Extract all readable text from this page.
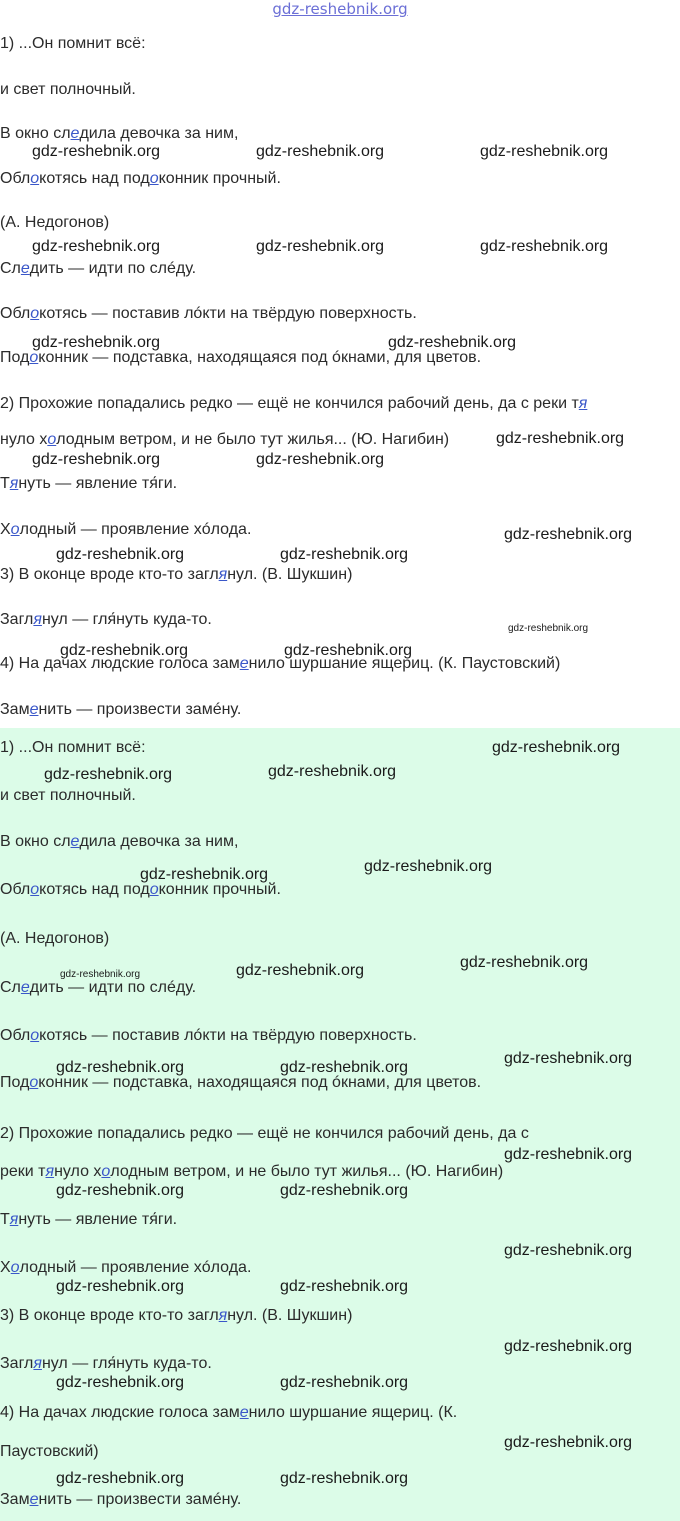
gdz-reshebnik.org
1) ...Он помнит всё:
и свет полночный.
В окно следила девочка за ним,
Облокотясь над подоконник прочный.
(А. Недогонов)
Следить — идти по слéду.
Облокотясь — поставив лóкти на твёрдую поверхность.
Подоконник — подставка, находящаяся под óкнами, для цветов.
2) Прохожие попадались редко — ещё не кончился рабочий день, да с реки тя
нуло холодным ветром, и не было тут жилья... (Ю. Нагибин)
Тянуть — явление тя́ги.
Холодный — проявление хóлода.
3) В оконце вроде кто-то заглянул. (В. Шукшин)
Заглянул — гля́нуть куда-то.
4) На дачах людские голоса заменило шуршание ящериц. (К. Паустовский)
Заменить — произвести замéну.
gdz-reshebnik.org	gdz-reshebnik.org	gdz-reshebnik.org
gdz-reshebnik.org	gdz-reshebnik.org	gdz-reshebnik.org
gdz-reshebnik.org	gdz-reshebnik.org
gdz-reshebnik.org
gdz-reshebnik.org	gdz-reshebnik.org
gdz-reshebnik.org
gdz-reshebnik.org	gdz-reshebnik.org
gdz-reshebnik.org
gdz-reshebnik.org	gdz-reshebnik.org
1) ...Он помнит всё:
и свет полночный.
В окно следила девочка за ним,
Облокотясь над подоконник прочный.
(А. Недогонов)
Следить — идти по слéду.
Облокотясь — поставив лóкти на твёрдую поверхность.
Подоконник — подставка, находящаяся под óкнами, для цветов.
2) Прохожие попадались редко — ещё не кончился рабочий день, да с
реки тянуло холодным ветром, и не было тут жилья... (Ю. Нагибин)
Тянуть — явление тя́ги.
Холодный — проявление хóлода.
3) В оконце вроде кто-то заглянул. (В. Шукшин)
Заглянул — гля́нуть куда-то.
4) На дачах людские голоса заменило шуршание ящериц. (К.
Паустовский)
Заменить — произвести замéну.
gdz-reshebnik.org
gdz-reshebnik.org	gdz-reshebnik.org
gdz-reshebnik.org	gdz-reshebnik.org
gdz-reshebnik.org	gdz-reshebnik.org	gdz-reshebnik.org
gdz-reshebnik.org	gdz-reshebnik.org
gdz-reshebnik.org
gdz-reshebnik.org
gdz-reshebnik.org	gdz-reshebnik.org
gdz-reshebnik.org
gdz-reshebnik.org	gdz-reshebnik.org
gdz-reshebnik.org
gdz-reshebnik.org	gdz-reshebnik.org
gdz-reshebnik.org
gdz-reshebnik.org	gdz-reshebnik.org
